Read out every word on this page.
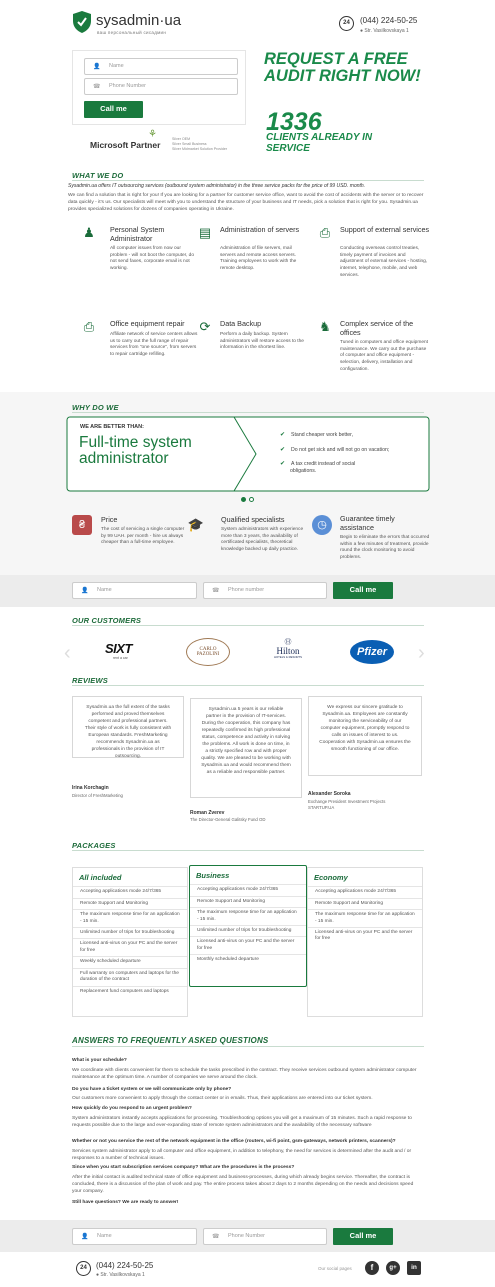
sysadmin·ua
ваш персональный сисадмин
24	(044) 224-50-25
● Str. Vasilkovskaya 1
👤 Name
☎ Phone Number
Call me
⚘
Microsoft Partner
Silver OEM
Silver Small Business
Silver Midmarket Solution Provider
REQUEST A FREE AUDIT RIGHT NOW!
1336
CLIENTS ALREADY IN SERVICE
WHAT WE DO
Sysadmin.ua offers IT outsourcing services (outbound system administrator) in the three service packs for the price of 99 USD. month.
We can find a solution that is right for you! If you are looking for a partner for customer service office, want to avoid the cost of accidents with the server or to recover data quickly - it's us. Our specialists will meet with you to understand the structure of your business and IT needs, pick a solution that is right for you. Sysadmin.ua provides specialized solutions for dozens of companies operating in Ukraine.
♟ Personal System Administrator
All computer issues from now our problem - will not boot the computer, do not send faxes, corporate email is not working.
▤ Administration of servers
Administration of file servers, mail servers and remote access servers. Training employees to work with the remote desktop.
⎙ Support of external services
Conducting overseas control treaties, timely payment of invoices and adjustment of external services - hosting, internet, telephone, mobile, and web services.
⎙ Office equipment repair
Affiliate network of service centers allows us to carry out the full range of repair services from "one source", from servers to repair cartridge refilling.
⟳ Data Backup
Perform a daily backup. System administrators will restore access to the information in the shortest line.
♞ Complex service of the offices
Tuned in computers and office equipment maintenance. We carry out the purchase of computer and office equipment - selection, delivery, installation and configuration.
WHY DO WE
WE ARE BETTER THAN:
Full-time system administrator
✔ Stand cheaper work better,
✔ Do not get sick and will not go on vacation;
✔ A tax credit instead of social obligations.
₴	Price
The cost of servicing a single computer by 99 UAH. per month - hire us always cheaper than a full-time employee.
🎓 Qualified specialists
System administrators with experience more than 3 years, the availability of certificated specialists, theoretical knowledge backed up daily practice.
◷
Guarantee timely assistance
Begin to eliminate the errors that occurred within a few minutes of treatment, provide round the clock monitoring to avoid problems.
👤 Name	☎ Phone number	Call me
OUR CUSTOMERS
‹	›
SIXT
rent a car
CARLO PAZOLINI
Ⓗ
Hilton
HOTELS & RESORTS	Pfizer
REVIEWS
Sysadmin.ua the full extent of the tasks performed and proved themselves competent and professional partners. Their style of work is fully consistent with European standards. FreshMarketing recommends Sysadmin.ua as professionals in the provision of IT outsourcing.
Irina Korchagin
Director of FreshMarketing
Sysadmin.ua 5 years is our reliable partner in the provision of IT-services. During the cooperation, this company has repeatedly confirmed its high professional status, competence and activity in solving the problems. All work is done on time, in a strictly specified row and with proper quality. We are pleased to be working with Sysadmin.ua and would recommend them as a reliable and responsible partner.
Roman Zverev
The Director-General Galitsky Fund OD
We express our sincere gratitude to Sysadmin.ua. Employees are constantly monitoring the serviceability of our computer equipment, promptly respond to calls on issues of interest to us. Cooperation with Sysadmin.ua ensures the smooth functioning of our office.
Alexander Soroka
Exchange President Investment Projects STARTUP.UA
PACKAGES
All included
Accepting applications mode 24/7/365
Remote Support and Monitoring
The maximum response time for an application - 15 min.
Unlimited number of trips for troubleshooting
Licensed anti-virus on your PC and the server for free
Weekly scheduled departure
Full warranty on computers and laptops for the duration of the contract
Replacement fund computers and laptops
Business
Accepting applications mode 24/7/365
Remote Support and Monitoring
The maximum response time for an application - 15 min.
Unlimited number of trips for troubleshooting
Licensed anti-virus on your PC and the server for free
Monthly scheduled departure
Economy
Accepting applications mode 24/7/365
Remote Support and Monitoring
The maximum response time for an application - 15 min.
Licensed anti-virus on your PC and the server for free
ANSWERS TO FREQUENTLY ASKED QUESTIONS
What is your schedule?
We coordinate with clients convenient for them to schedule the tasks prescribed in the contract. They receive services outbound system administrator computer maintenance at the optimum time. A number of companies we serve around the clock.
Do you have a ticket system or we will communicate only by phone?
Our customers more convenient to apply through the contact center or in emails. Thus, their applications are entered into our ticket system.
How quickly do you respond to an urgent problem?
System administrators instantly accepts applications for processing. Troubleshooting options you will get a maximum of 15 minutes. Such a rapid response to requests possible due to the large and ever-expanding state of remote system administrators and the availability of the necessary software
Whether or not you service the rest of the network equipment in the office (routers, wi-fi point, gsm-gateways, network printers, scanners)?
Services system administrator apply to all computer and office equipment, in addition to telephony, the need for services is determined after the audit and / or responses to a number of technical issues.
Since when you start subscription services company? What are the procedures is the process?
After the initial contact is audited technical state of office equipment and business-processes, during which already begins service. Thereafter, the contract is concluded, there is a discussion of the plan of work and pay. The entire process takes about 2 days to 2 months depending on the needs and decisions speed your company.
Still have questions? We are ready to answer!
👤 Name	☎ Phone Number	Call me
24	(044) 224-50-25
● Str. Vasilkovskaya 1
Our social pages	f	g+	in
